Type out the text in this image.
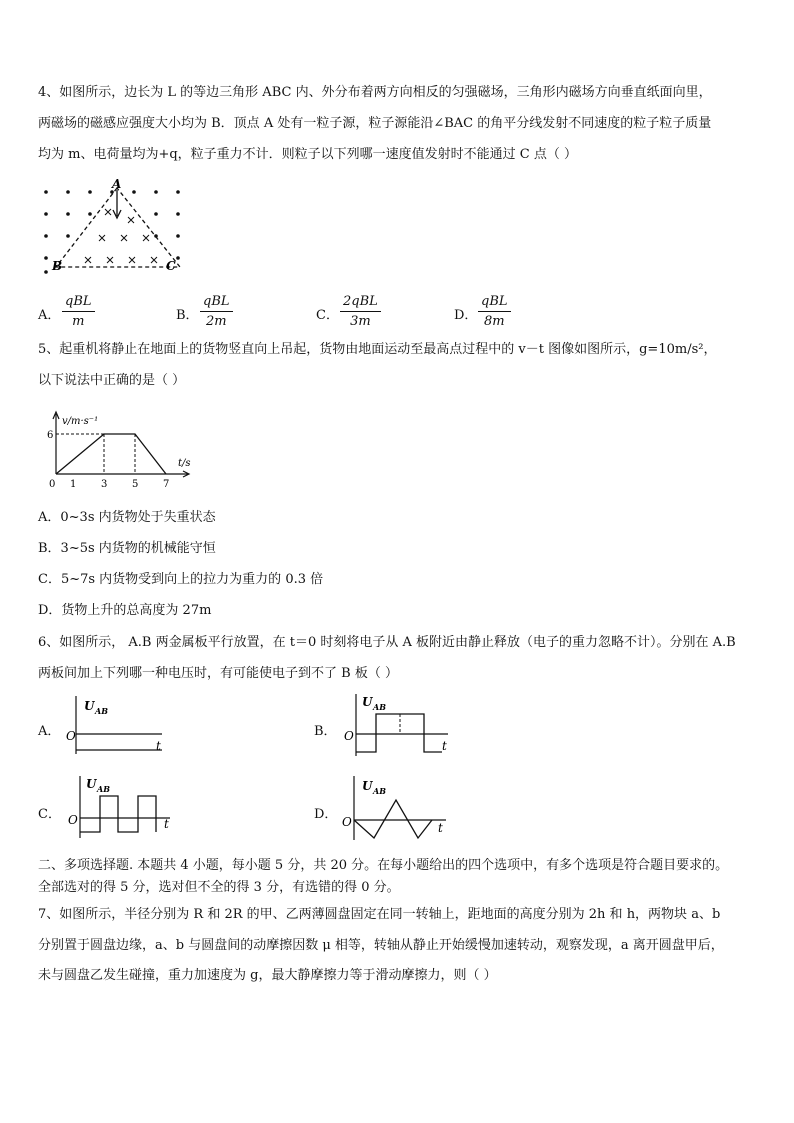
4、如图所示，边长为 L 的等边三角形 ABC 内、外分布着两方向相反的匀强磁场，三角形内磁场方向垂直纸面向里，
两磁场的磁感应强度大小均为 B．顶点 A 处有一粒子源，粒子源能沿∠BAC 的角平分线发射不同速度的粒子粒子质量
均为 m、电荷量均为+q，粒子重力不计．则粒子以下列哪一速度值发射时不能通过 C 点（ ）
A
B	C
A．
qBL
m	B．
qBL
2m	C．
2qBL
3m	D．
qBL
8m
5、起重机将静止在地面上的货物竖直向上吊起，货物由地面运动至最高点过程中的 v－t 图像如图所示，g=10m/s²，
以下说法中正确的是（ ）
v/m·s⁻¹
t/s
6
0 1 3 5 7
A．0~3s 内货物处于失重状态
B．3~5s 内货物的机械能守恒
C．5~7s 内货物受到向上的拉力为重力的 0.3 倍
D．货物上升的总高度为 27m
6、如图所示， A.B 两金属板平行放置，在 t＝0 时刻将电子从 A 板附近由静止释放（电子的重力忽略不计）。分别在 A.B
两板间加上下列哪一种电压时，有可能使电子到不了 B 板（ ）
A．
U AB
O
t
B．
U AB
O
t
C．
U AB
O	t
D．
U AB
O	t
二、多项选择题. 本题共 4 小题，每小题 5 分，共 20 分。在每小题给出的四个选项中，有多个选项是符合题目要求的。
全部选对的得 5 分，选对但不全的得 3 分，有选错的得 0 分。
7、如图所示，半径分别为 R 和 2R 的甲、乙两薄圆盘固定在同一转轴上，距地面的高度分别为 2h 和 h，两物块 a、b
分别置于圆盘边缘，a、b 与圆盘间的动摩擦因数 μ 相等，转轴从静止开始缓慢加速转动，观察发现，a 离开圆盘甲后，
未与圆盘乙发生碰撞，重力加速度为 g，最大静摩擦力等于滑动摩擦力，则（ ）
